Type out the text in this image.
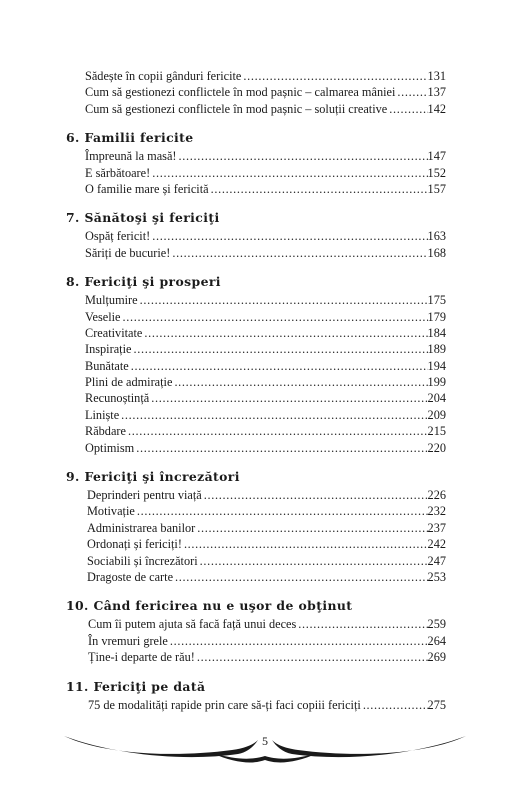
Sădește în copii gânduri fericite . . .	131
Cum să gestionezi conflictele în mod pașnic – calmarea mâniei . . .	137
Cum să gestionezi conflictele în mod pașnic – soluții creative . . .	142
6. Familii fericite
Împreună la masă! . . .	147
E sărbătoare! . . .	152
O familie mare și fericită . . .	157
7. Sănătoşi şi fericiţi
Ospăț fericit! . . .	163
Săriți de bucurie! . . .	168
8. Fericiţi şi prosperi
Mulțumire . . .	175
Veselie . . .	179
Creativitate . . .	184
Inspirație . . .	189
Bunătate . . .	194
Plini de admirație . . .	199
Recunoștință . . .	204
Liniște . . .	209
Răbdare . . .	215
Optimism . . .	220
9. Fericiţi şi încrezători
Deprinderi pentru viață . . .	226
Motivație . . .	232
Administrarea banilor . . .	237
Ordonați și fericiți! . . .	242
Sociabili și încrezători . . .	247
Dragoste de carte . . .	253
10. Când fericirea nu e uşor de obţinut
Cum îi putem ajuta să facă față unui deces . . .	259
În vremuri grele . . .	264
Ține-i departe de rău! . . .	269
11. Fericiţi pe dată
75 de modalități rapide prin care să-ți faci copiii fericiți . . .	275
5
